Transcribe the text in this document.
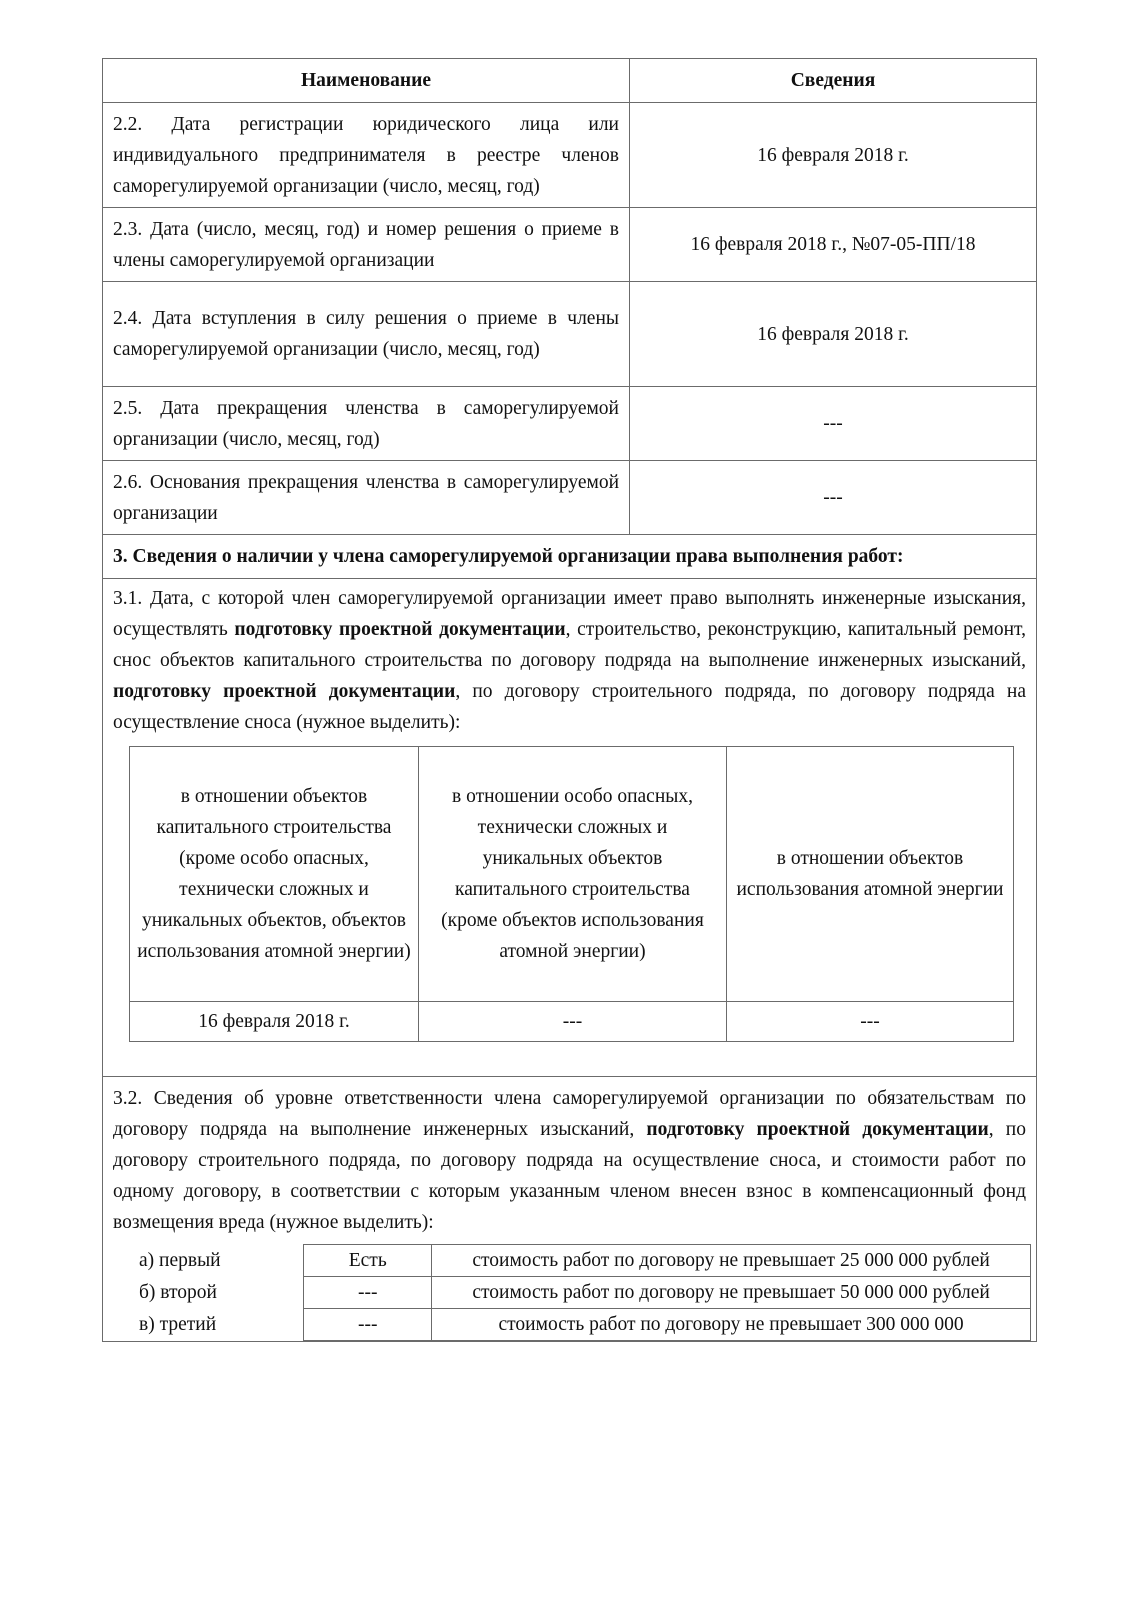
Наименование	Сведения
2.2. Дата регистрации юридического лица или индивидуального предпринимателя в реестре членов саморегулируемой организации (число, месяц, год)	16 февраля 2018 г.
2.3. Дата (число, месяц, год) и номер решения о приеме в члены саморегулируемой организации	16 февраля 2018 г., №07-05-ПП/18
2.4. Дата вступления в силу решения о приеме в члены саморегулируемой организации (число, месяц, год)	16 февраля 2018 г.
2.5. Дата прекращения членства в саморегулируемой организации (число, месяц, год)	---
2.6. Основания прекращения членства в саморегулируемой организации	---
3. Сведения о наличии у члена саморегулируемой организации права выполнения работ:

3.1. Дата, с которой член саморегулируемой организации имеет право выполнять инженерные изыскания, осуществлять подготовку проектной документации, строительство, реконструкцию, капитальный ремонт, снос объектов капитального строительства по договору подряда на выполнение инженерных изысканий, подготовку проектной документации, по договору строительного подряда, по договору подряда на осуществление сноса (нужное выделить):
в отношении объектов капитального строительства (кроме особо опасных, технически сложных и уникальных объектов, объектов использования атомной энергии)	в отношении особо опасных, технически сложных и уникальных объектов капитального строительства (кроме объектов использования атомной энергии)	в отношении объектов использования атомной энергии
16 февраля 2018 г.	---	---

3.2. Сведения об уровне ответственности члена саморегулируемой организации по обязательствам по договору подряда на выполнение инженерных изысканий, подготовку проектной документации, по договору строительного подряда, по договору подряда на осуществление сноса, и стоимости работ по одному договору, в соответствии с которым указанным членом внесен взнос в компенсационный фонд возмещения вреда (нужное выделить):
а) первый	Есть	стоимость работ по договору не превышает 25 000 000 рублей
б) второй	---	стоимость работ по договору не превышает 50 000 000 рублей
в) третий	---	стоимость работ по договору не превышает 300 000 000
